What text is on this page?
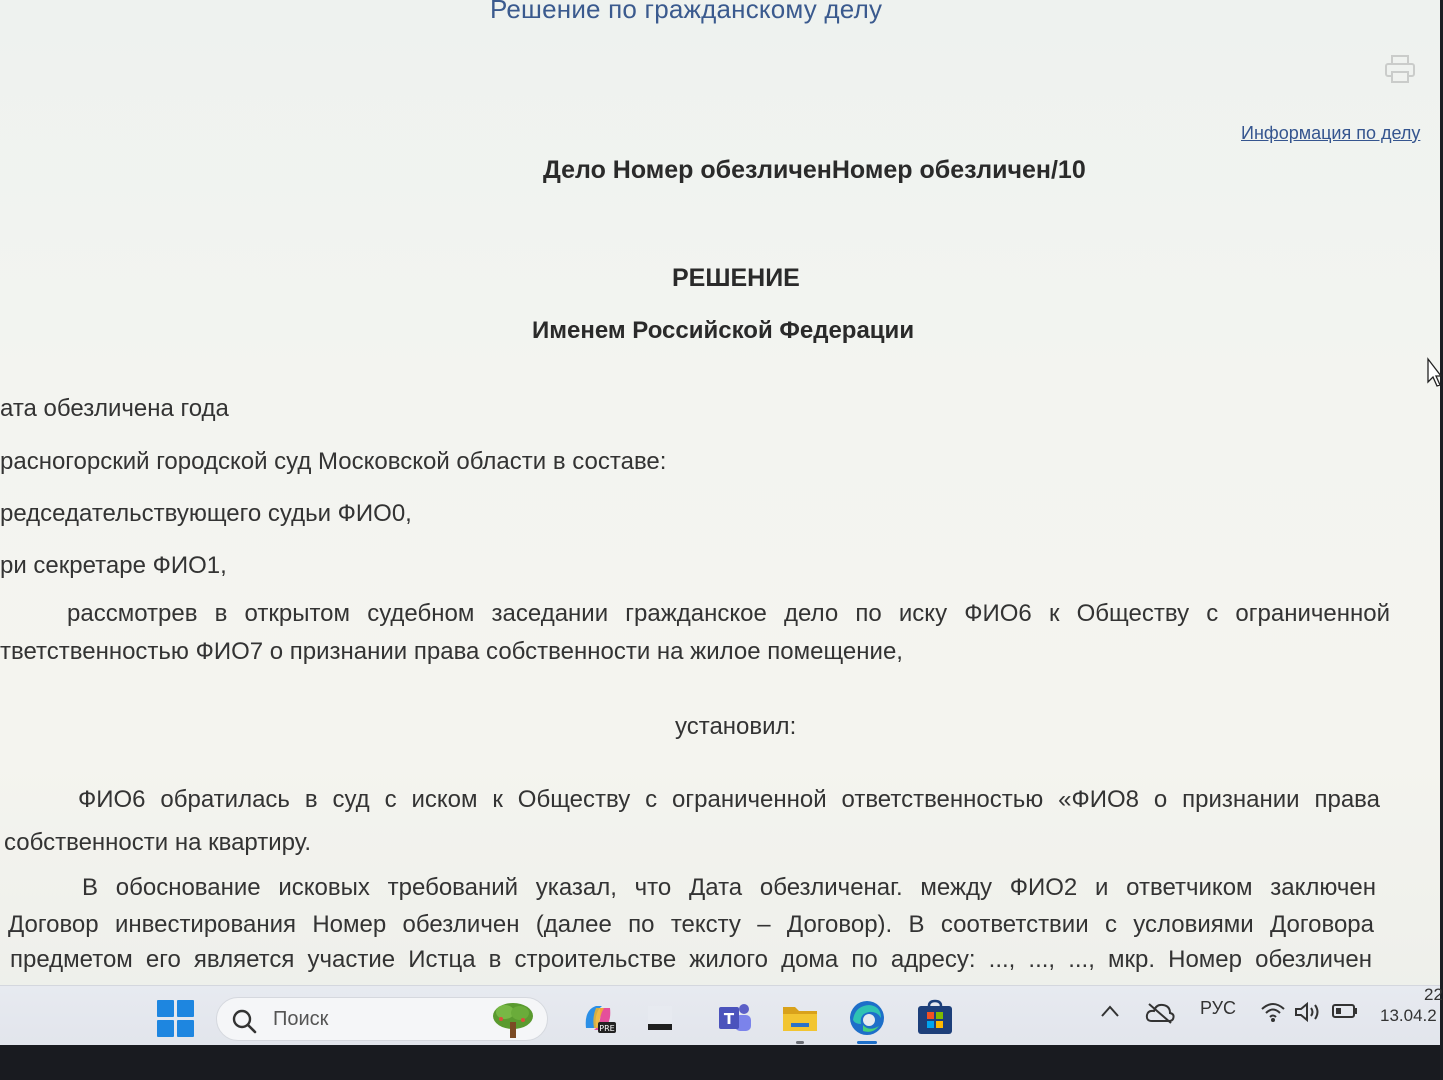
Решение по гражданскому делу
Информация по делу
Дело Номер обезличенНомер обезличен/10
РЕШЕНИЕ
Именем Российской Федерации
ата обезличена года
расногорский городской суд Московской области в составе:
редседательствующего судьи ФИО0,
ри секретаре ФИО1,
рассмотрев в открытом судебном заседании гражданское дело по иску ФИО6 к Обществу с ограниченной
тветственностью ФИО7 о признании права собственности на жилое помещение,
установил:
ФИО6 обратилась в суд с иском к Обществу с ограниченной ответственностью «ФИО8 о признании права
собственности на квартиру.
В обоснование исковых требований указал, что Дата обезличенаг. между ФИО2 и ответчиком заключен
Договор инвестирования Номер обезличен (далее по тексту – Договор). В соответствии с условиями Договора
предметом его является участие Истца в строительстве жилого дома по адресу: ..., ..., ..., мкр. Номер обезличен
Поиск	PRE
T
РУС
22
13.04.2
